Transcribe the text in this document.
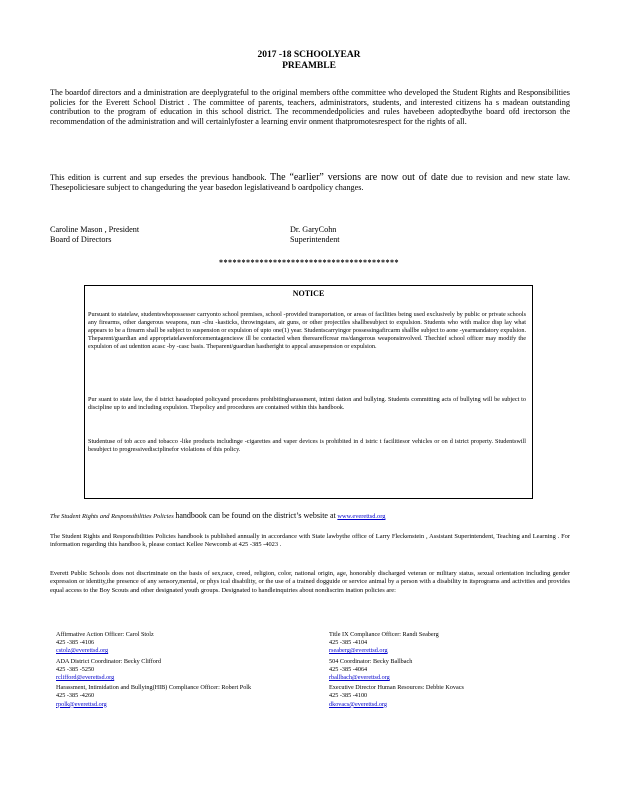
2017 -18 SCHOOLYEAR
PREAMBLE
The boardof directors and a dministration are deeplygrateful to the original members ofthe committee who developed the Student Rights and Responsibilities policies for the Everett School District . The committee of parents, teachers, administrators, students, and interested citizens ha s madean outstanding contribution to the program of education in this school district. The recommendedpolicies and rules havebeen adoptedbythe board ofd irectorson the recommendation of the administration and will certainlyfoster a learning envir onment thatpromotesrespect for the rights of all.
This edition is current and sup ersedes the previous handbook. The “earlier” versions are now out of date due to revision and new state law. Thesepoliciesare subject to changeduring the year basedon legislativeand b oardpolicy changes.
Caroline Mason , President
Board of Directors
Dr. GaryCohn
Superintendent
****************************************
NOTICE
Pursuant to statelaw, studentswhopossesser carryonto school premises, school -provided transportation, or areas of facilities being used exclusively by public or private schools any firearms, other dangerous weapons, nun -chu -kasticks, throwingstars, air guns, or other projectiles shallbesubject to expulsion. Students who with malice disp lay what appears to be a firearm shall be subject to suspension or expulsion of upto one(1) year. Studentscarryingor possessingafircarm shallbe subject to aone -yearmandatory expulsion. Theparent/guardian and appropriatelawenforcementagenciesw ill be contacted when thereareffcrear ms/dangerous weaponsinvolved. Thechief school officer may modify the expulsion of ast udentton acasc -by -casc basis. Theparent/guardian hastheright to appcal anusepension or expulsion.
Pur suant to state law, the d istrict hasadopted policyand procedures prohibitingharassment, intimi dation and bullying. Students committing acts of bullying will be subject to discipline up to and including expulsion. Thepolicy and procedures are contained within this handbook.
Studentuse of tob acco and tobacco -like products includinge -cigarettes and vaper devices is prohibited in d istric t facilitiesor vehicles or on d istrict property. Studentswill besubject to progressivedisciplinefor violations of this policy.
The Student Rights and Responsibilities Policies handbook can be found on the district’s website at www.everettsd.org
The Student Rights and Responsibilities Policies handbook is published annually in accordance with State lawbythe office of Larry Fleckenstein , Assistant Superintendent, Teaching and Learning . For information regarding this handboo k, please contact Kellee Newcomb at 425 -385 -4023 .
Everett Public Schools does not discriminate on the basis of sex,race, creed, religion, color, national origin, age, honorably discharged veteran or military status, sexual orientation including gender expression or identity,the presence of any sensory,mental, or phys ical disability, or the use of a trained dogguide or service animal by a person with a disability in itsprograms and activities and provides equal access to the Boy Scouts and other designated youth groups. Designated to handleinquiries about nondiscrim ination policies are:
Affirmative Action Officer: Carol Stolz
425 -385 -4106
cstolz@everettsd.org
ADA District Coordinator: Becky Clifford
425 -385 -5250
rclifford@everettsd.org
Harassment, Intimidation and Bullying(HIB) Compliance Officer: Robert Polk
425 -385 -4260
rpolk@everettsd.org
Title IX Compliance Officer: Randi Seaberg
425 -385 -4104
rseaberg@everettsd.org
504 Coordinator: Becky Ballbach
425 -385 -4064
rballbach@everettsd.org
Executive Director Human Resources: Debbie Kovacs
425 -385 -4100
dkovacs@everettsd.org
